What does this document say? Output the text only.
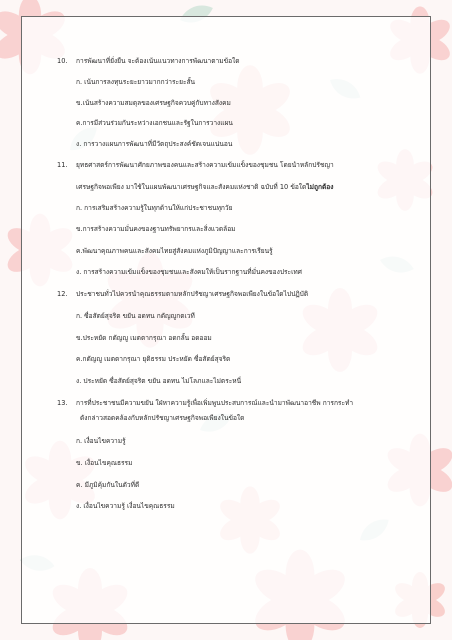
10. การพัฒนาที่ยั่งยืน จะต้องเน้นแนวทางการพัฒนาตามข้อใด
ก. เน้นการลงทุนระยะยาวมากกว่าระยะสั้น
ข.เน้นสร้างความสมดุลของเศรษฐกิจควบคู่กับทางสังคม
ค.การมีส่วนร่วมกันระหว่างเอกชนและรัฐในการวางแผน
ง. การวางแผนการพัฒนาที่มีวัตถุประสงค์ชัดเจนแน่นอน
11. ยุทธศาสตร์การพัฒนาศักยภาพของคนและสร้างความเข้มแข็งของชุมชน โดยนำหลักปรัชญา
เศรษฐกิจพอเพียง มาใช้ในแผนพัฒนาเศรษฐกิจและสังคมแห่งชาติ ฉบับที่ 10 ข้อใดไม่ถูกต้อง
ก. การเสริมสร้างความรู้ในทุกด้านให้แก่ประชาชนทุกวัย
ข.การสร้างความมั่นคงของฐานทรัพยากรและสิ่งแวดล้อม
ค.พัฒนาคุณภาพคนและสังคมไทยสู่สังคมแห่งภูมิปัญญาและการเรียนรู้
ง. การสร้างความเข้มแข็งของชุมชนและสังคมให้เป็นรากฐานที่มั่นคงของประเทศ
12. ประชาชนทั่วไปควรนำคุณธรรมตามหลักปรัชญาเศรษฐกิจพอเพียงในข้อใดไปปฏิบัติ
ก. ซื่อสัตย์สุจริต ขยัน อดทน กตัญญูกตเวที
ข.ประหยัด กตัญญู เมตตากรุณา อดกลั้น อดออม
ค.กตัญญู เมตตากรุณา ยุติธรรม ประหยัด ซื่อสัตย์สุจริต
ง. ประหยัด ซื่อสัตย์สุจริต ขยัน อดทน ไม่โลภและไม่ตระหนี่
13. การที่ประชาชนมีความขยัน ใฝ่หาความรู้เพื่อเพิ่มพูนประสบการณ์และนำมาพัฒนาอาชีพ การกระทำ
ดังกล่าวสอดคล้องกับหลักปรัชญาเศรษฐกิจพอเพียงในข้อใด
ก. เงื่อนไขความรู้
ข. เงื่อนไขคุณธรรม
ค. มีภูมิคุ้มกันในตัวที่ดี
ง. เงื่อนไขความรู้ เงื่อนไขคุณธรรม
